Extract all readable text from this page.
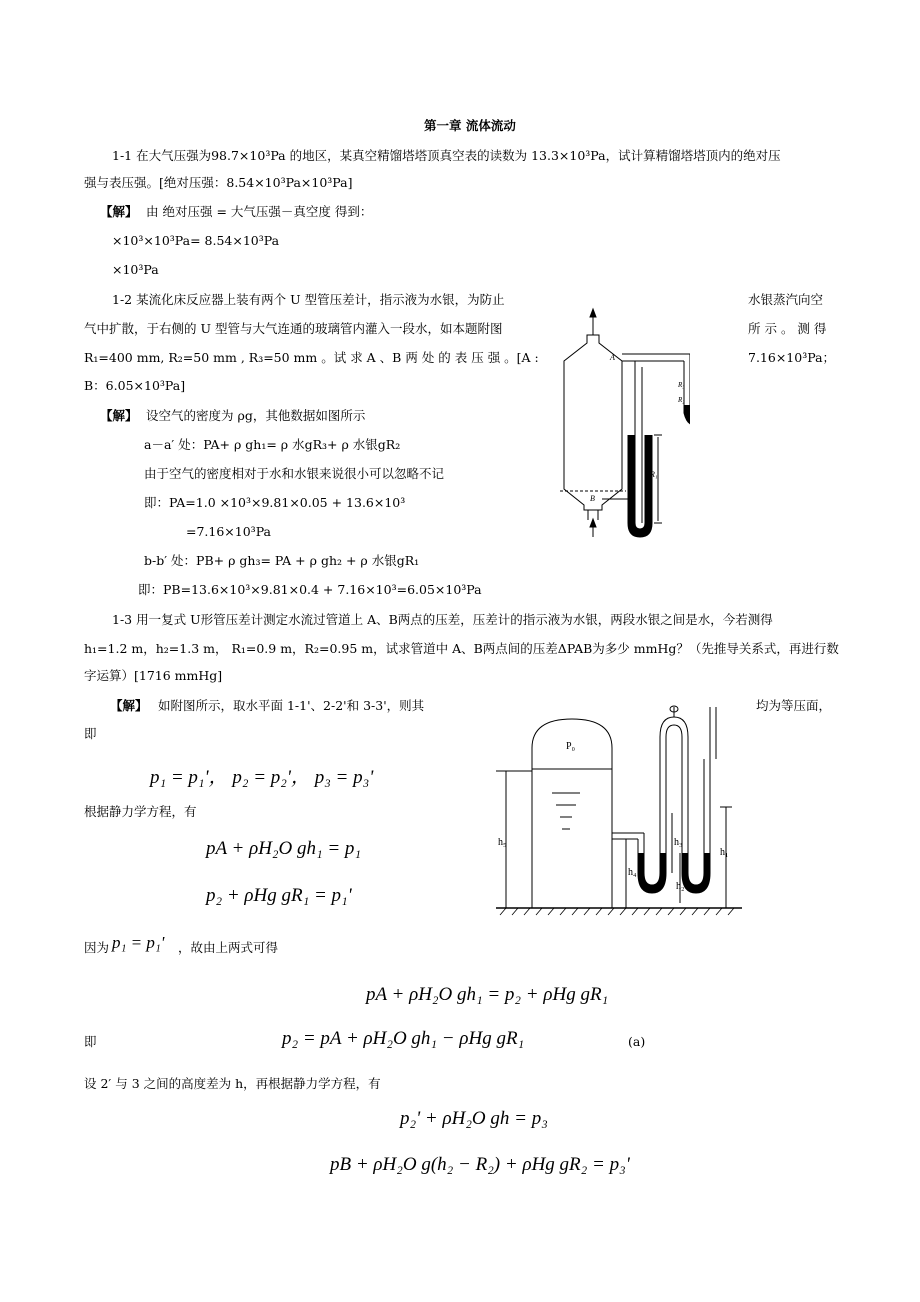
第一章 流体流动
1-1 在大气压强为98.7×10³Pa 的地区，某真空精馏塔塔顶真空表的读数为 13.3×10³Pa，试计算精馏塔塔顶内的绝对压
强与表压强。[绝对压强：8.54×10³Pa×10³Pa]
【解】 由 绝对压强 = 大气压强－真空度 得到：
×10³×10³Pa= 8.54×10³Pa
×10³Pa
1-2 某流化床反应器上装有两个 U 型管压差计，指示液为水银，为防止	水银蒸汽向空
气中扩散，于右侧的 U 型管与大气连通的玻璃管内灌入一段水，如本题附图	所 示 。 测 得
R₁=400 mm, R₂=50 mm , R₃=50 mm 。试 求 A 、B 两 处 的 表 压 强 。[A :	7.16×10³Pa；
B：6.05×10³Pa]
【解】 设空气的密度为 ρg，其他数据如图所示
a－a′ 处：PA+ ρ gh₁= ρ 水gR₃+ ρ 水银gR₂
由于空气的密度相对于水和水银来说很小可以忽略不记
即：PA=1.0 ×10³×9.81×0.05 + 13.6×10³
=7.16×10³Pa
b-b′ 处：PB+ ρ gh₃= PA + ρ gh₂ + ρ 水银gR₁
即：PB=13.6×10³×9.81×0.4 + 7.16×10³=6.05×10³Pa
A
B
R₁
R₂
R₃
1-3 用一复式 U形管压差计测定水流过管道上 A、B两点的压差，压差计的指示液为水银，两段水银之间是水，今若测得
h₁=1.2 m，h₂=1.3 m， R₁=0.9 m，R₂=0.95 m，试求管道中 A、B两点间的压差ΔPAB为多少 mmHg？（先推导关系式，再进行数
字运算）[1716 mmHg]
【解】 如附图所示，取水平面 1-1'、2-2'和 3-3'，则其	均为等压面，
即
p₁ = p₁'， p₂ = p₂'， p₃ = p₃'
根据静力学方程，有
pA + ρH₂O gh₁ = p₁
p₂ + ρHg gR₁ = p₁'
因为 p₁ = p₁' ，故由上两式可得
pA + ρH₂O gh₁ = p₂ + ρHg gR₁
即	p₂ = pA + ρH₂O gh₁ − ρHg gR₁	(a)
设 2′ 与 3 之间的高度差为 h，再根据静力学方程，有
p₂' + ρH₂O gh = p₃
pB + ρH₂O g(h₂ − R₂) + ρHg gR₂ = p₃'
P₀
h₅
h₄
h₃
h₂
h₁
